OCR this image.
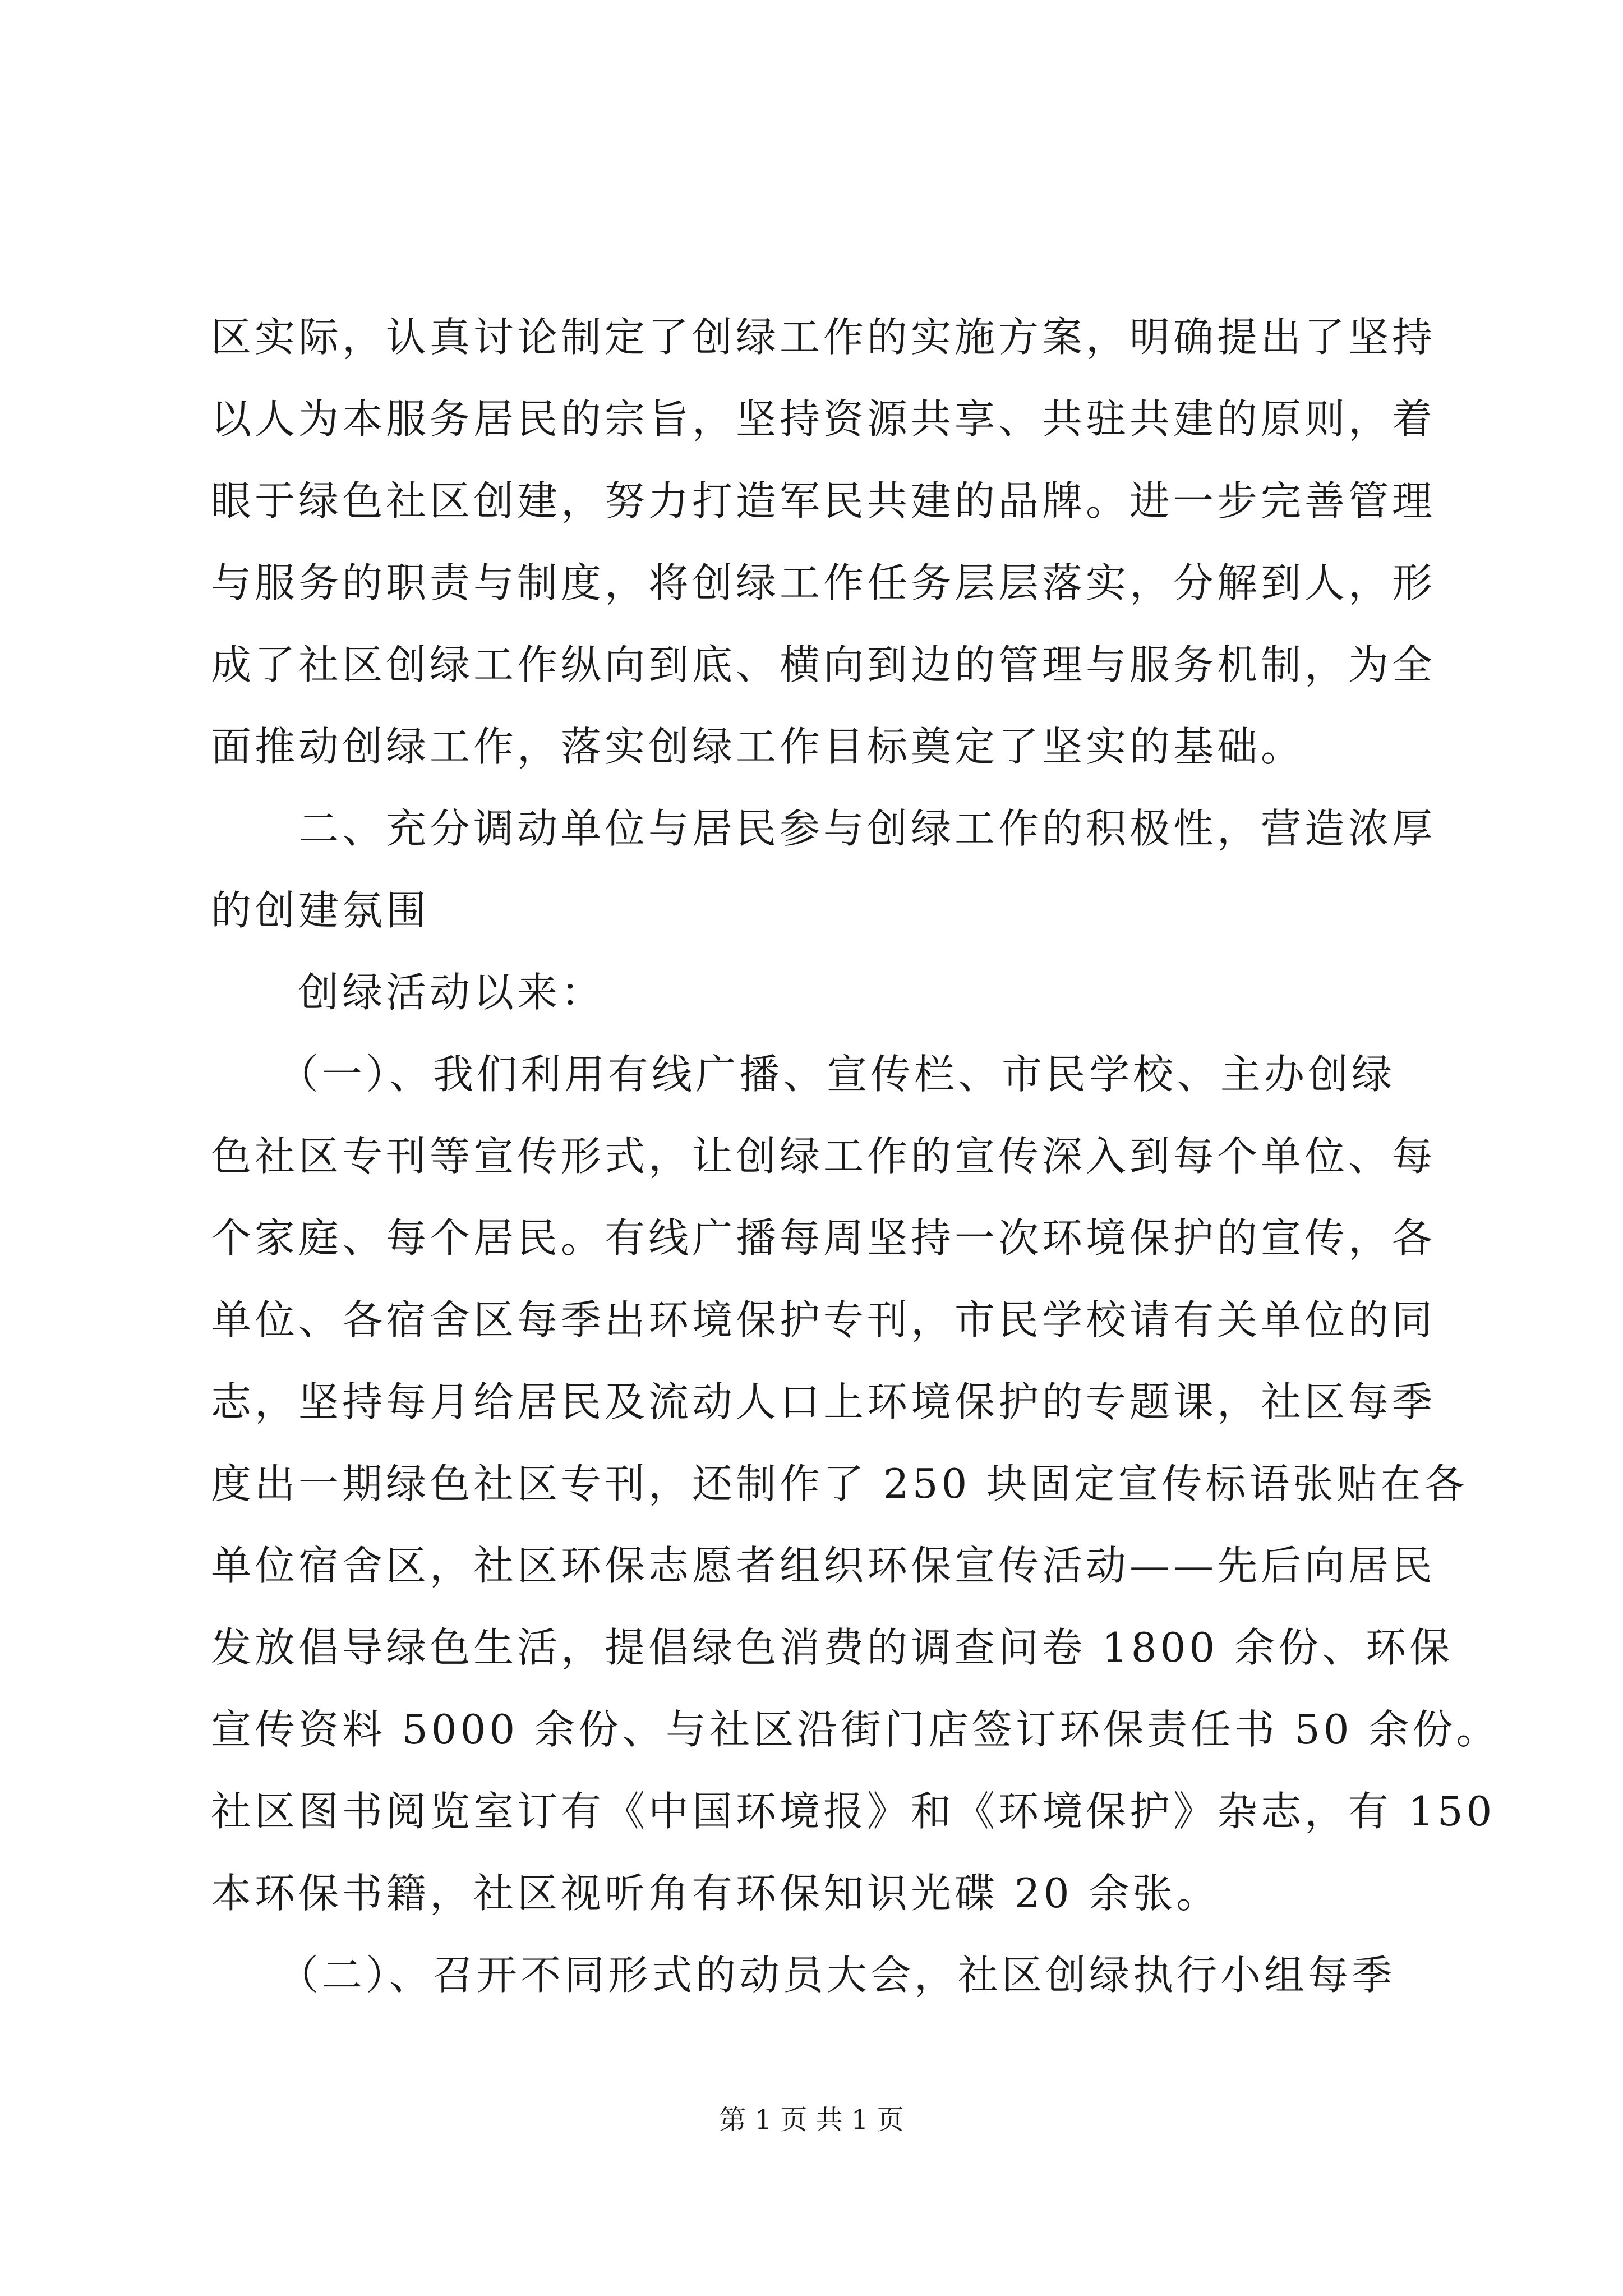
区实际，认真讨论制定了创绿工作的实施方案，明确提出了坚持
以人为本服务居民的宗旨，坚持资源共享、共驻共建的原则，着
眼于绿色社区创建，努力打造军民共建的品牌。进一步完善管理
与服务的职责与制度，将创绿工作任务层层落实，分解到人，形
成了社区创绿工作纵向到底、横向到边的管理与服务机制，为全
面推动创绿工作，落实创绿工作目标奠定了坚实的基础。
　　二、充分调动单位与居民参与创绿工作的积极性，营造浓厚
的创建氛围
　　创绿活动以来：
　　（一）、我们利用有线广播、宣传栏、市民学校、主办创绿
色社区专刊等宣传形式，让创绿工作的宣传深入到每个单位、每
个家庭、每个居民。有线广播每周坚持一次环境保护的宣传，各
单位、各宿舍区每季出环境保护专刊，市民学校请有关单位的同
志，坚持每月给居民及流动人口上环境保护的专题课，社区每季
度出一期绿色社区专刊，还制作了 250 块固定宣传标语张贴在各
单位宿舍区，社区环保志愿者组织环保宣传活动——先后向居民
发放倡导绿色生活，提倡绿色消费的调查问卷 1800 余份、环保
宣传资料 5000 余份、与社区沿街门店签订环保责任书 50 余份。
社区图书阅览室订有《中国环境报》和《环境保护》杂志，有 150
本环保书籍，社区视听角有环保知识光碟 20 余张。
　　（二）、召开不同形式的动员大会，社区创绿执行小组每季
第 1 页 共 1 页
